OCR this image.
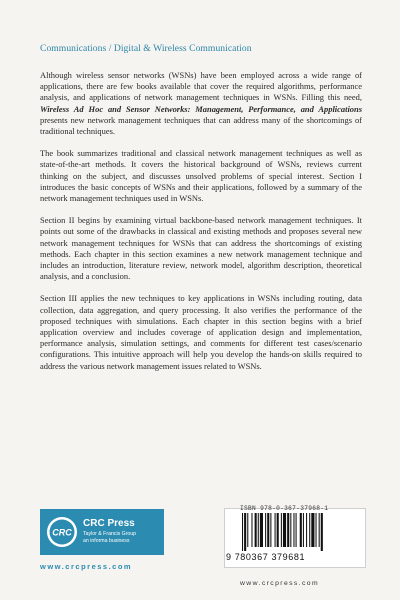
Communications / Digital & Wireless Communication

Although wireless sensor networks (WSNs) have been employed across a wide range of applications, there are few books available that cover the required algorithms, performance analysis, and applications of network management techniques in WSNs. Filling this need, Wireless Ad Hoc and Sensor Networks: Management, Performance, and Applications presents new network management techniques that can address many of the shortcomings of traditional techniques.

The book summarizes traditional and classical network management techniques as well as state-of-the-art methods. It covers the historical background of WSNs, reviews current thinking on the subject, and discusses unsolved problems of special interest. Section I introduces the basic concepts of WSNs and their applications, followed by a summary of the network management techniques used in WSNs.

Section II begins by examining virtual backbone-based network management techniques. It points out some of the drawbacks in classical and existing methods and proposes several new network management techniques for WSNs that can address the shortcomings of existing methods. Each chapter in this section examines a new network management technique and includes an introduction, literature review, network model, algorithm description, theoretical analysis, and a conclusion.

Section III applies the new techniques to key applications in WSNs including routing, data collection, data aggregation, and query processing. It also verifies the performance of the proposed techniques with simulations. Each chapter in this section begins with a brief application overview and includes coverage of application design and implementation, performance analysis, simulation settings, and comments for different test cases/scenario configurations. This intuitive approach will help you develop the hands-on skills required to address the various network management issues related to WSNs.

CRC
CRC Press
Taylor & Francis Group
an informa business
www.crcpress.com
ISBN 978-0-367-37968-1
9 780367 379681
www.crcpress.com
